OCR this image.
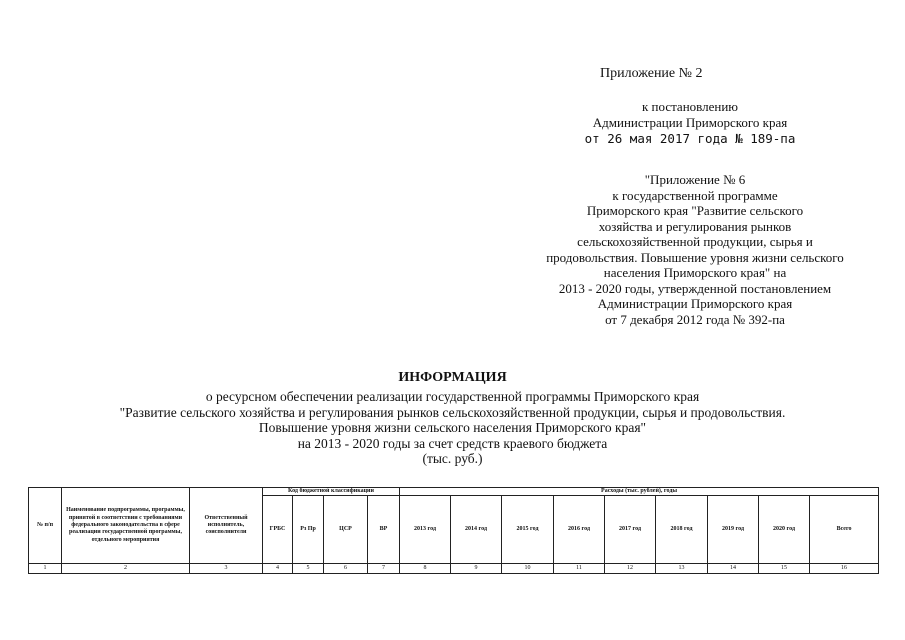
Приложение № 2
к постановлению
Администрации Приморского края
от 26 мая 2017 года № 189-па
"Приложение № 6
к государственной программе
Приморского края "Развитие сельского
хозяйства и регулирования рынков
сельскохозяйственной продукции, сырья и
продовольствия. Повышение уровня жизни сельского
населения Приморского края" на
2013 - 2020 годы, утвержденной постановлением
Администрации Приморского края
от 7 декабря 2012 года № 392-па
ИНФОРМАЦИЯ
о ресурсном обеспечении реализации государственной программы Приморского края
"Развитие сельского хозяйства и регулирования рынков сельскохозяйственной продукции, сырья и продовольствия.
Повышение уровня жизни сельского населения Приморского края"
на 2013 - 2020 годы за счет средств краевого бюджета
(тыс. руб.)
№ п/п	Наименование подпрограммы, программы, принятой в соответствии с требованиями федерального законодательства в сфере реализации государственной программы, отдельного мероприятия	Ответственный исполнитель, соисполнители	Код бюджетной классификации				Расходы (тыс. рублей), годы								
			ГРБС	Рз Пр	ЦСР	ВР	2013 год	2014 год	2015 год	2016 год	2017 год	2018 год	2019 год	2020 год	Всего
1	2	3	4	5	6	7	8	9	10	11	12	13	14	15	16
